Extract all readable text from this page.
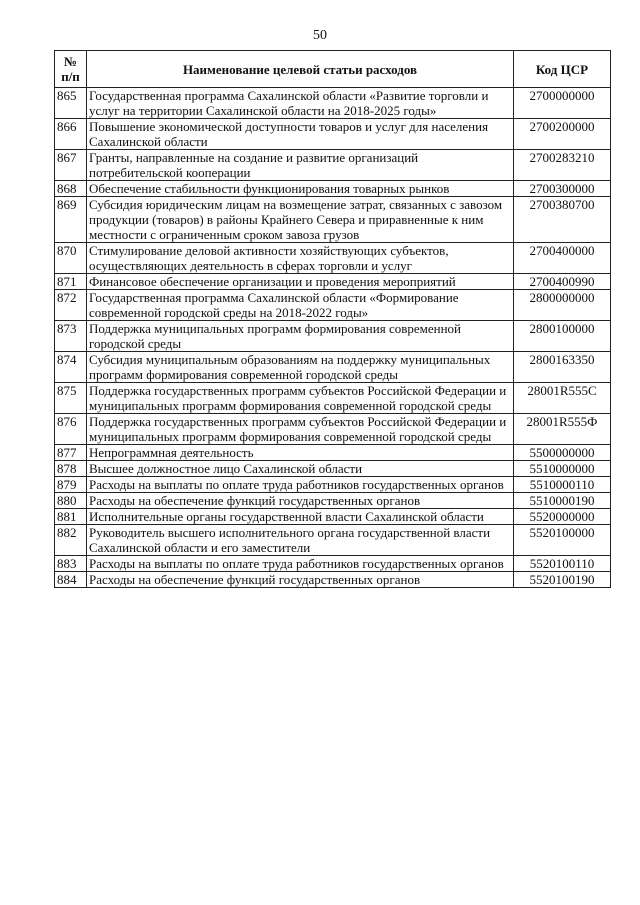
50
№
п/п	Наименование целевой статьи расходов	Код ЦСР
865	Государственная программа Сахалинской области «Развитие торговли и услуг на территории Сахалинской области на 2018-2025 годы»	2700000000
866	Повышение экономической доступности товаров и услуг для населения Сахалинской области	2700200000
867	Гранты, направленные на создание и развитие организаций потребительской кооперации	2700283210
868	Обеспечение стабильности функционирования товарных рынков	2700300000
869	Субсидия юридическим лицам на возмещение затрат, связанных с завозом продукции (товаров) в районы Крайнего Севера и приравненные к ним местности с ограниченным сроком завоза грузов	2700380700
870	Стимулирование деловой активности хозяйствующих субъектов, осуществляющих деятельность в сферах торговли и услуг	2700400000
871	Финансовое обеспечение организации и проведения мероприятий	2700400990
872	Государственная программа Сахалинской области «Формирование современной городской среды на 2018-2022 годы»	2800000000
873	Поддержка муниципальных программ формирования современной городской среды	2800100000
874	Субсидия муниципальным образованиям на поддержку муниципальных программ формирования современной городской среды	2800163350
875	Поддержка государственных программ субъектов Российской Федерации и муниципальных программ формирования современной городской среды	28001R555C
876	Поддержка государственных программ субъектов Российской Федерации и муниципальных программ формирования современной городской среды	28001R555Ф
877	Непрограммная деятельность	5500000000
878	Высшее должностное лицо Сахалинской области	5510000000
879	Расходы на выплаты по оплате труда работников государственных органов	5510000110
880	Расходы на обеспечение функций государственных органов	5510000190
881	Исполнительные органы государственной власти Сахалинской области	5520000000
882	Руководитель высшего исполнительного органа государственной власти Сахалинской области и его заместители	5520100000
883	Расходы на выплаты по оплате труда работников государственных органов	5520100110
884	Расходы на обеспечение функций государственных органов	5520100190
